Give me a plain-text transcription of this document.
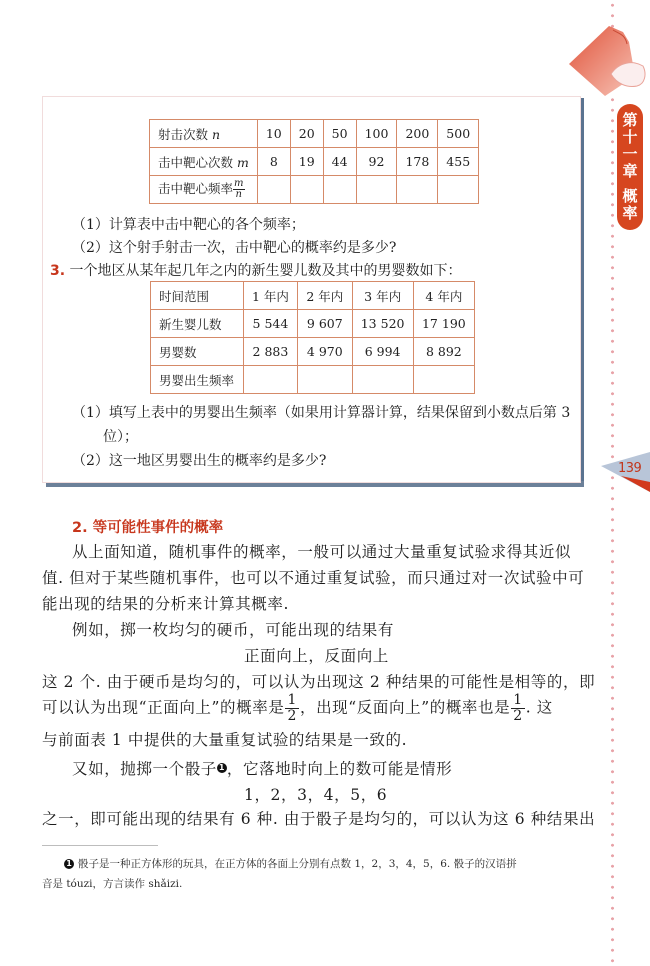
第
十
一
章
概
率
139
射击次数 n	10	20	50	100	200	500
击中靶心次数 m	8	19	44	92	178	455
击中靶心频率 $\frac{m}{n}$

（1）计算表中击中靶心的各个频率；
（2）这个射手射击一次，击中靶心的概率约是多少?
3. 一个地区从某年起几年之内的新生婴儿数及其中的男婴数如下：
时间范围	1 年内	2 年内	3 年内	4 年内
新生婴儿数	5 544	9 607	13 520	17 190
男婴数	2 883	4 970	6 994	8 892
男婴出生频率				
（1）填写上表中的男婴出生频率（如果用计算器计算，结果保留到小数点后第 3
位）；
（2）这一地区男婴出生的概率约是多少?
2. 等可能性事件的概率
从上面知道，随机事件的概率，一般可以通过大量重复试验求得其近似
值. 但对于某些随机事件，也可以不通过重复试验，而只通过对一次试验中可
能出现的结果的分析来计算其概率.
例如，掷一枚均匀的硬币，可能出现的结果有
正面向上，反面向上
这 2 个. 由于硬币是均匀的，可以认为出现这 2 种结果的可能性是相等的，即
可以认为出现“正面向上”的概率是 $\frac{1}{2}$ ，出现“反面向上”的概率也是 $\frac{1}{2}$ . 这
与前面表 1 中提供的大量重复试验的结果是一致的.
又如，抛掷一个骰子 1 ，它落地时向上的数可能是情形
1，2，3，4，5，6
之一，即可能出现的结果有 6 种. 由于骰子是均匀的，可以认为这 6 种结果出
1 骰子是一种正方体形的玩具，在正方体的各面上分别有点数 1，2，3，4，5，6. 骰子的汉语拼
音是 tóuzi，方言读作 shǎizi.
